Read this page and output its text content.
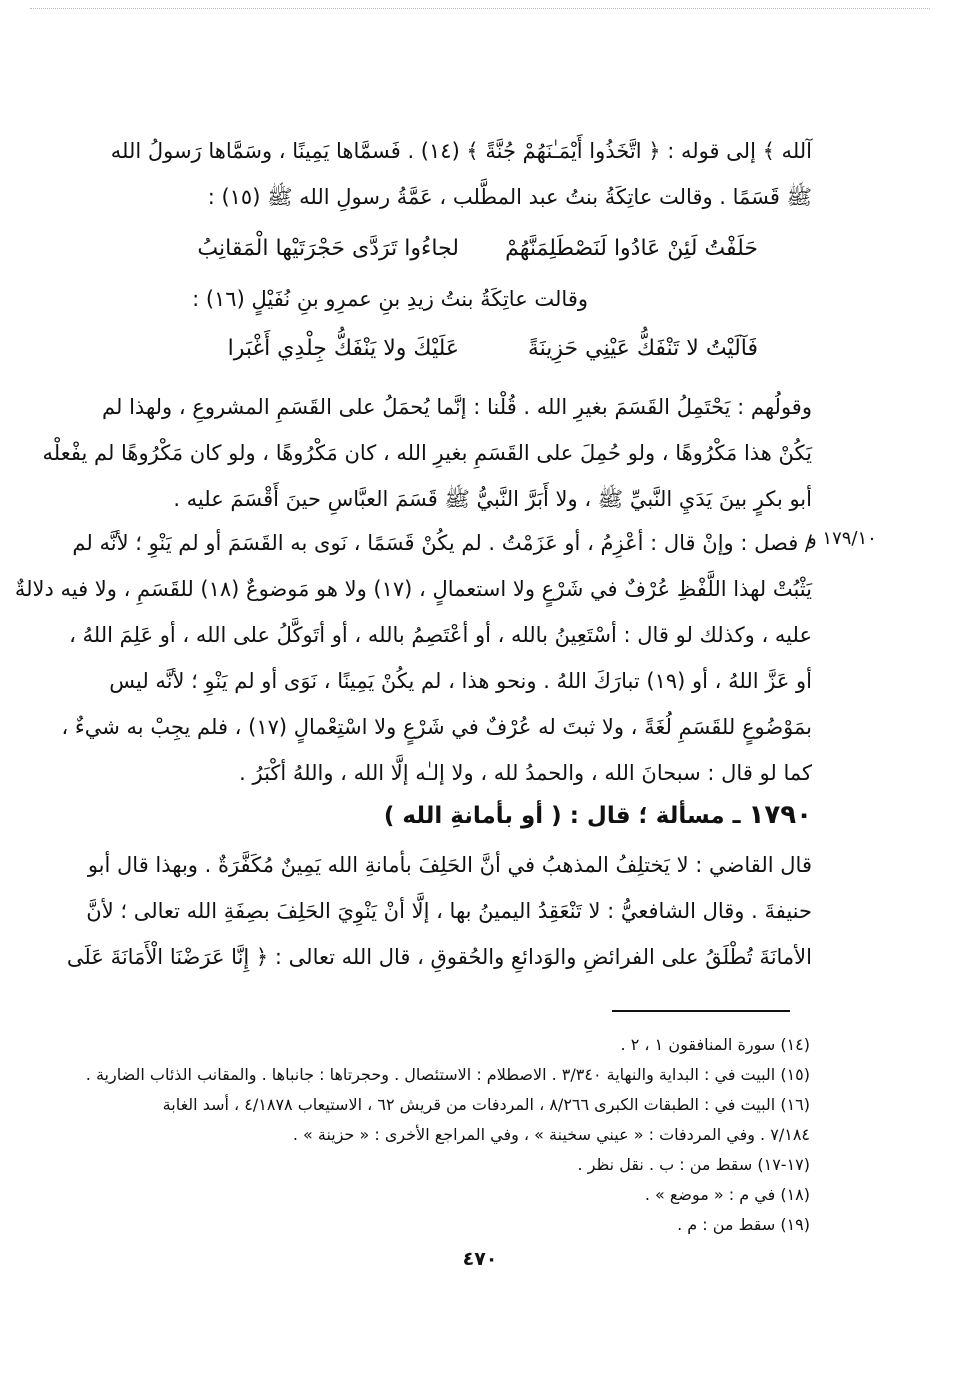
آلله ﴾ إلى قوله : ﴿ اتَّخَذُوا أَيْمَـٰنَهُمْ جُنَّةً ﴾ (١٤) . فَسمَّاها يَمِينًا ، وسَمَّاها رَسولُ الله
ﷺ قَسَمًا . وقالت عاتِكَةُ بنتُ عبد المطَّلب ، عَمَّةُ رسولِ الله ﷺ (١٥) :
حَلَفْتُ لَئِنْ عَادُوا لَنَصْطَلِمَنَّهُمْ لجاءُوا تَرَدَّى حَجْرَتَيْها الْمَقانِبُ
وقالت عاتِكَةُ بنتُ زيدِ بنِ عمرِو بنِ نُفَيْلٍ (١٦) :
فَآلَيْتُ لا تَنْفَكُّ عَيْنِي حَزِينَةً عَلَيْكَ ولا يَنْفَكُّ جِلْدِي أَغْبَرا
وقولُهم : يَحْتَمِلُ القَسَمَ بغيرِ الله . قُلْنا : إنَّما يُحمَلُ على القَسَمِ المشروعِ ، ولهذا لم
يَكُنْ هذا مَكْرُوهًا ، ولو حُمِلَ على القَسَمِ بغيرِ الله ، كان مَكْرُوهًا ، ولو كان مَكْرُوهًا لم يفْعلْه
أبو بكرٍ بينَ يَدَيِ النَّبيِّ ﷺ ، ولا أَبَرَّ النَّبيُّ ﷺ قَسَمَ العبَّاسِ حينَ أَقْسَمَ عليه .
١٧٩/١٠ و
/ فصل : وإنْ قال : أعْزِمُ ، أو عَزَمْتُ . لم يكُنْ قَسَمًا ، نَوى به القَسَمَ أو لم يَنْوِ ؛ لأنَّه لم
يَثْبُتْ لهذا اللَّفْظِ عُرْفٌ في شَرْعٍ ولا استعمالٍ ، (١٧) ولا هو مَوضوعٌ (١٨) للقَسَمِ ، ولا فيه دلالةٌ
عليه ، وكذلك لو قال : أسْتَعِينُ بالله ، أو أعْتَصِمُ بالله ، أو أتَوكَّلُ على الله ، أو عَلِمَ اللهُ ،
أو عَزَّ اللهُ ، أو (١٩) تبارَكَ اللهُ . ونحو هذا ، لم يكُنْ يَمِينًا ، نَوَى أو لم يَنْوِ ؛ لأنَّه ليس
بمَوْضُوعٍ للقَسَمِ لُغَةً ، ولا ثبتَ له عُرْفٌ في شَرْعٍ ولا اسْتِعْمالٍ (١٧) ، فلم يجِبْ به شيءٌ ،
كما لو قال : سبحانَ الله ، والحمدُ لله ، ولا إلـٰه إلَّا الله ، واللهُ أكْبَرُ .
١٧٩٠ ـ مسألة ؛ قال : ( أو بأمانةِ الله )
قال القاضي : لا يَختلِفُ المذهبُ في أنَّ الحَلِفَ بأمانةِ الله يَمِينٌ مُكَفَّرَةٌ . وبهذا قال أبو
حنيفةَ . وقال الشافعيُّ : لا تَنْعَقِدُ اليمينُ بها ، إلَّا أنْ يَنْوِيَ الحَلِفَ بصِفَةِ الله تعالى ؛ لأنَّ
الأمانَةَ تُطْلَقُ على الفرائضِ والوَدائعِ والحُقوقِ ، قال الله تعالى : ﴿ إِنَّا عَرَضْنَا الْأَمَانَةَ عَلَى
(١٤) سورة المنافقون ١ ، ٢ .
(١٥) البيت في : البداية والنهاية ٣/٣٤٠ . الاصطلام : الاستئصال . وحجرتاها : جانباها . والمقانب الذئاب الضارية .
(١٦) البيت في : الطبقات الكبرى ٨/٢٦٦ ، المردفات من قريش ٦٢ ، الاستيعاب ٤/١٨٧٨ ، أسد الغابة
٧/١٨٤ . وفي المردفات : « عيني سخينة » ، وفي المراجع الأخرى : « حزينة » .
(١٧-١٧) سقط من : ب . نقل نظر .
(١٨) في م : « موضع » .
(١٩) سقط من : م .
٤٧٠
